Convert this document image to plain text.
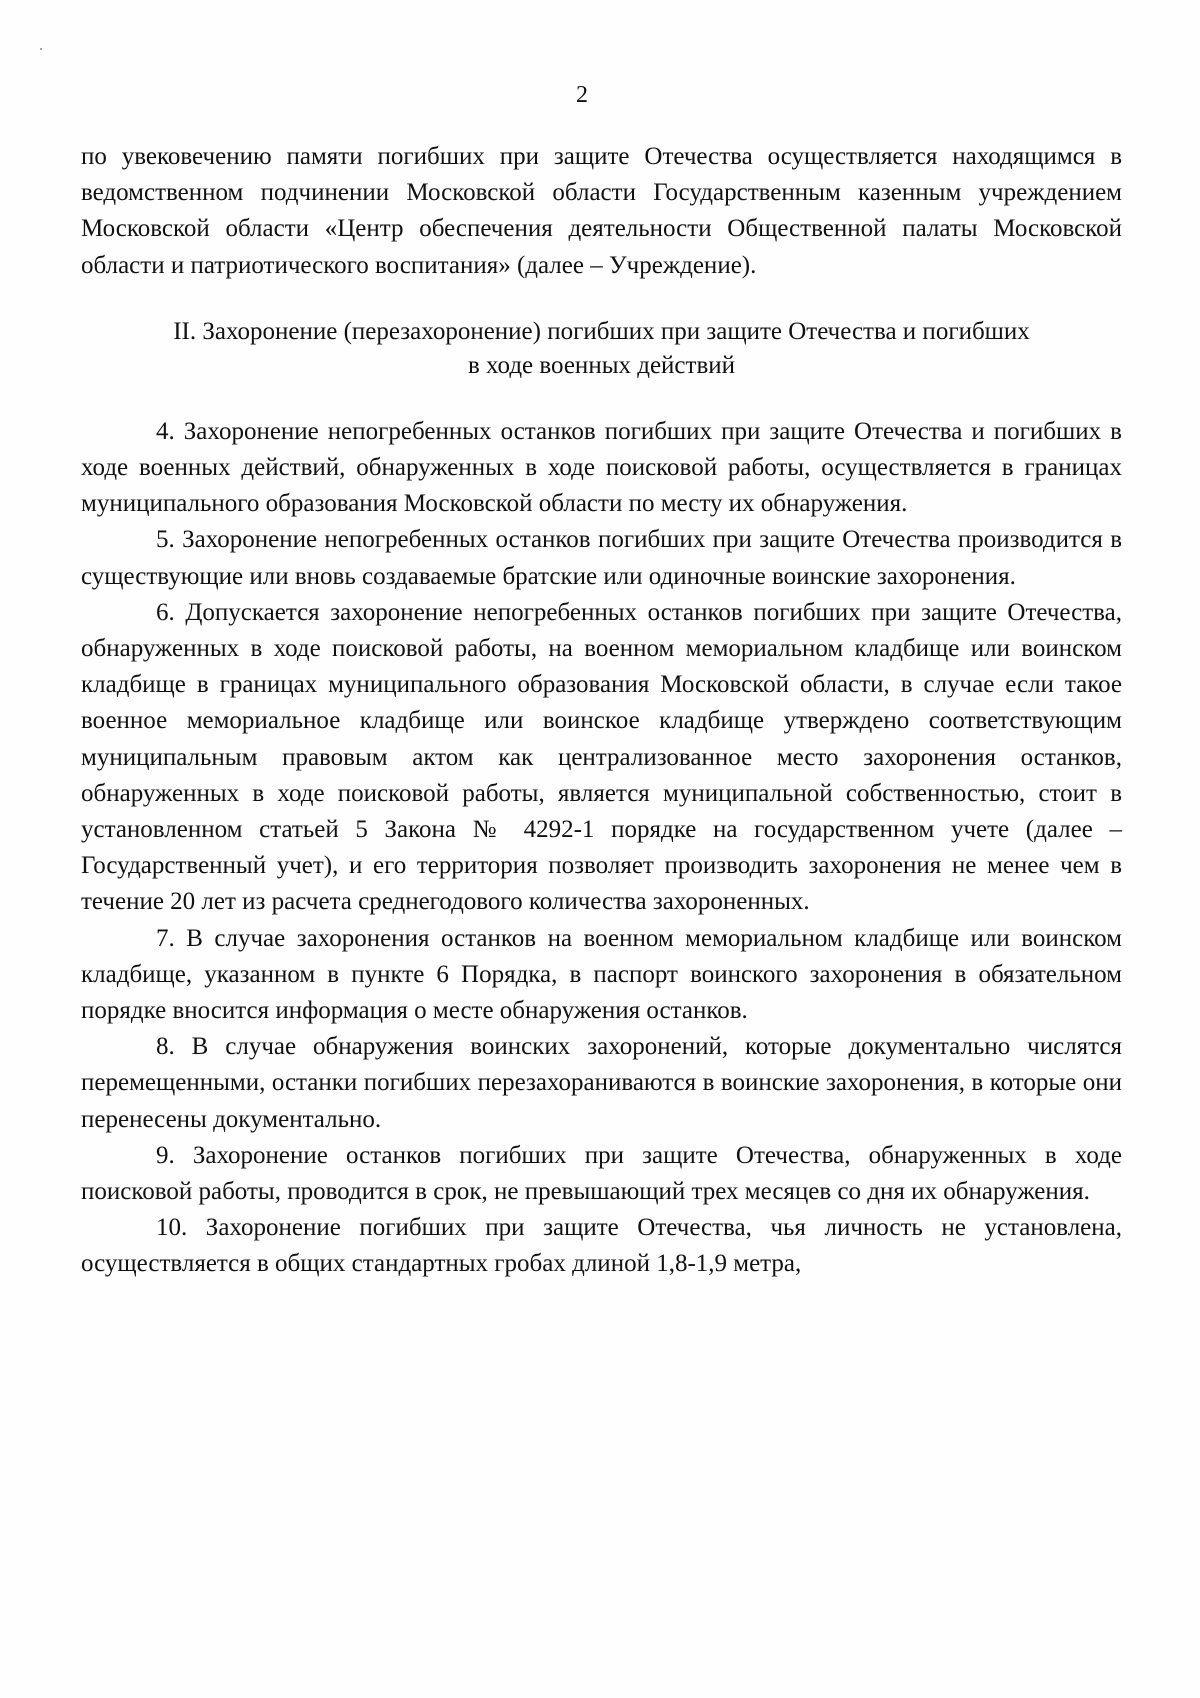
2

по увековечению памяти погибших при защите Отечества осуществляется находящимся в ведомственном подчинении Московской области Государственным казенным учреждением Московской области «Центр обеспечения деятельности Общественной палаты Московской области и патриотического воспитания» (далее – Учреждение).

II. Захоронение (перезахоронение) погибших при защите Отечества и погибших
в ходе военных действий

4. Захоронение непогребенных останков погибших при защите Отечества и погибших в ходе военных действий, обнаруженных в ходе поисковой работы, осуществляется в границах муниципального образования Московской области по месту их обнаружения.

5. Захоронение непогребенных останков погибших при защите Отечества производится в существующие или вновь создаваемые братские или одиночные воинские захоронения.

6. Допускается захоронение непогребенных останков погибших при защите Отечества, обнаруженных в ходе поисковой работы, на военном мемориальном кладбище или воинском кладбище в границах муниципального образования Московской области, в случае если такое военное мемориальное кладбище или воинское кладбище утверждено соответствующим муниципальным правовым актом как централизованное место захоронения останков, обнаруженных в ходе поисковой работы, является муниципальной собственностью, стоит в установленном статьей 5 Закона № 4292-1 порядке на государственном учете (далее – Государственный учет), и его территория позволяет производить захоронения не менее чем в течение 20 лет из расчета среднегодового количества захороненных.

7. В случае захоронения останков на военном мемориальном кладбище или воинском кладбище, указанном в пункте 6 Порядка, в паспорт воинского захоронения в обязательном порядке вносится информация о месте обнаружения останков.

8. В случае обнаружения воинских захоронений, которые документально числятся перемещенными, останки погибших перезахораниваются в воинские захоронения, в которые они перенесены документально.

9. Захоронение останков погибших при защите Отечества, обнаруженных в ходе поисковой работы, проводится в срок, не превышающий трех месяцев со дня их обнаружения.

10. Захоронение погибших при защите Отечества, чья личность не установлена, осуществляется в общих стандартных гробах длиной 1,8-1,9 метра,
